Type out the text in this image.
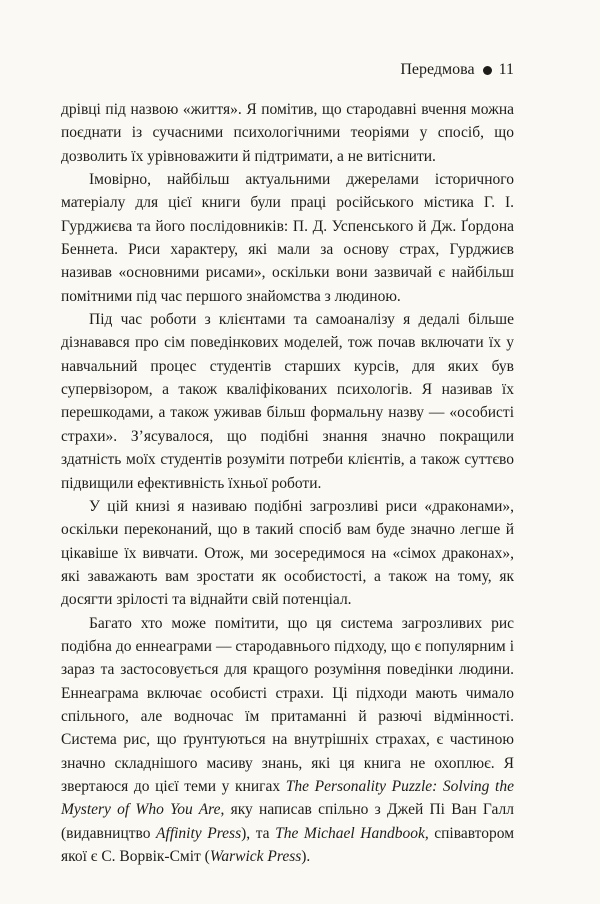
Передмова 11

дрівці під назвою «життя». Я помітив, що стародавні вчення можна поєднати із сучасними психологічними теоріями у спосіб, що дозволить їх урівноважити й підтримати, а не витіснити.

Імовірно, найбільш актуальними джерелами історичного матеріалу для цієї книги були праці російського містика Г. І. Гурджиєва та його послідовників: П. Д. Успенського й Дж. Ґордона Беннета. Риси характеру, які мали за основу страх, Гурджиєв називав «основними рисами», оскільки вони зазвичай є найбільш помітними під час першого знайомства з людиною.

Під час роботи з клієнтами та самоаналізу я дедалі більше дізнавався про сім поведінкових моделей, тож почав включати їх у навчальний процес студентів старших курсів, для яких був супервізором, а також кваліфікованих психологів. Я називав їх перешкодами, а також уживав більш формальну назву — «особисті страхи». З’ясувалося, що подібні знання значно покращили здатність моїх студентів розуміти потреби клієнтів, а також суттєво підвищили ефективність їхньої роботи.

У цій книзі я називаю подібні загрозливі риси «драконами», оскільки переконаний, що в такий спосіб вам буде значно легше й цікавіше їх вивчати. Отож, ми зосередимося на «сімох драконах», які заважають вам зростати як особистості, а також на тому, як досягти зрілості та віднайти свій потенціал.

Багато хто може помітити, що ця система загрозливих рис подібна до еннеаграми — стародавнього підходу, що є популярним і зараз та застосовується для кращого розуміння поведінки людини. Еннеаграма включає особисті страхи. Ці підходи мають чимало спільного, але водночас їм притаманні й разючі відмінності. Система рис, що ґрунтуються на внутрішніх страхах, є частиною значно складнішого масиву знань, які ця книга не охоплює. Я звертаюся до цієї теми у книгах The Personality Puzzle: Solving the Mystery of Who You Are, яку написав спільно з Джей Пі Ван Галл (видавництво Affinity Press), та The Michael Handbook, співавтором якої є С. Ворвік-Сміт (Warwick Press).
